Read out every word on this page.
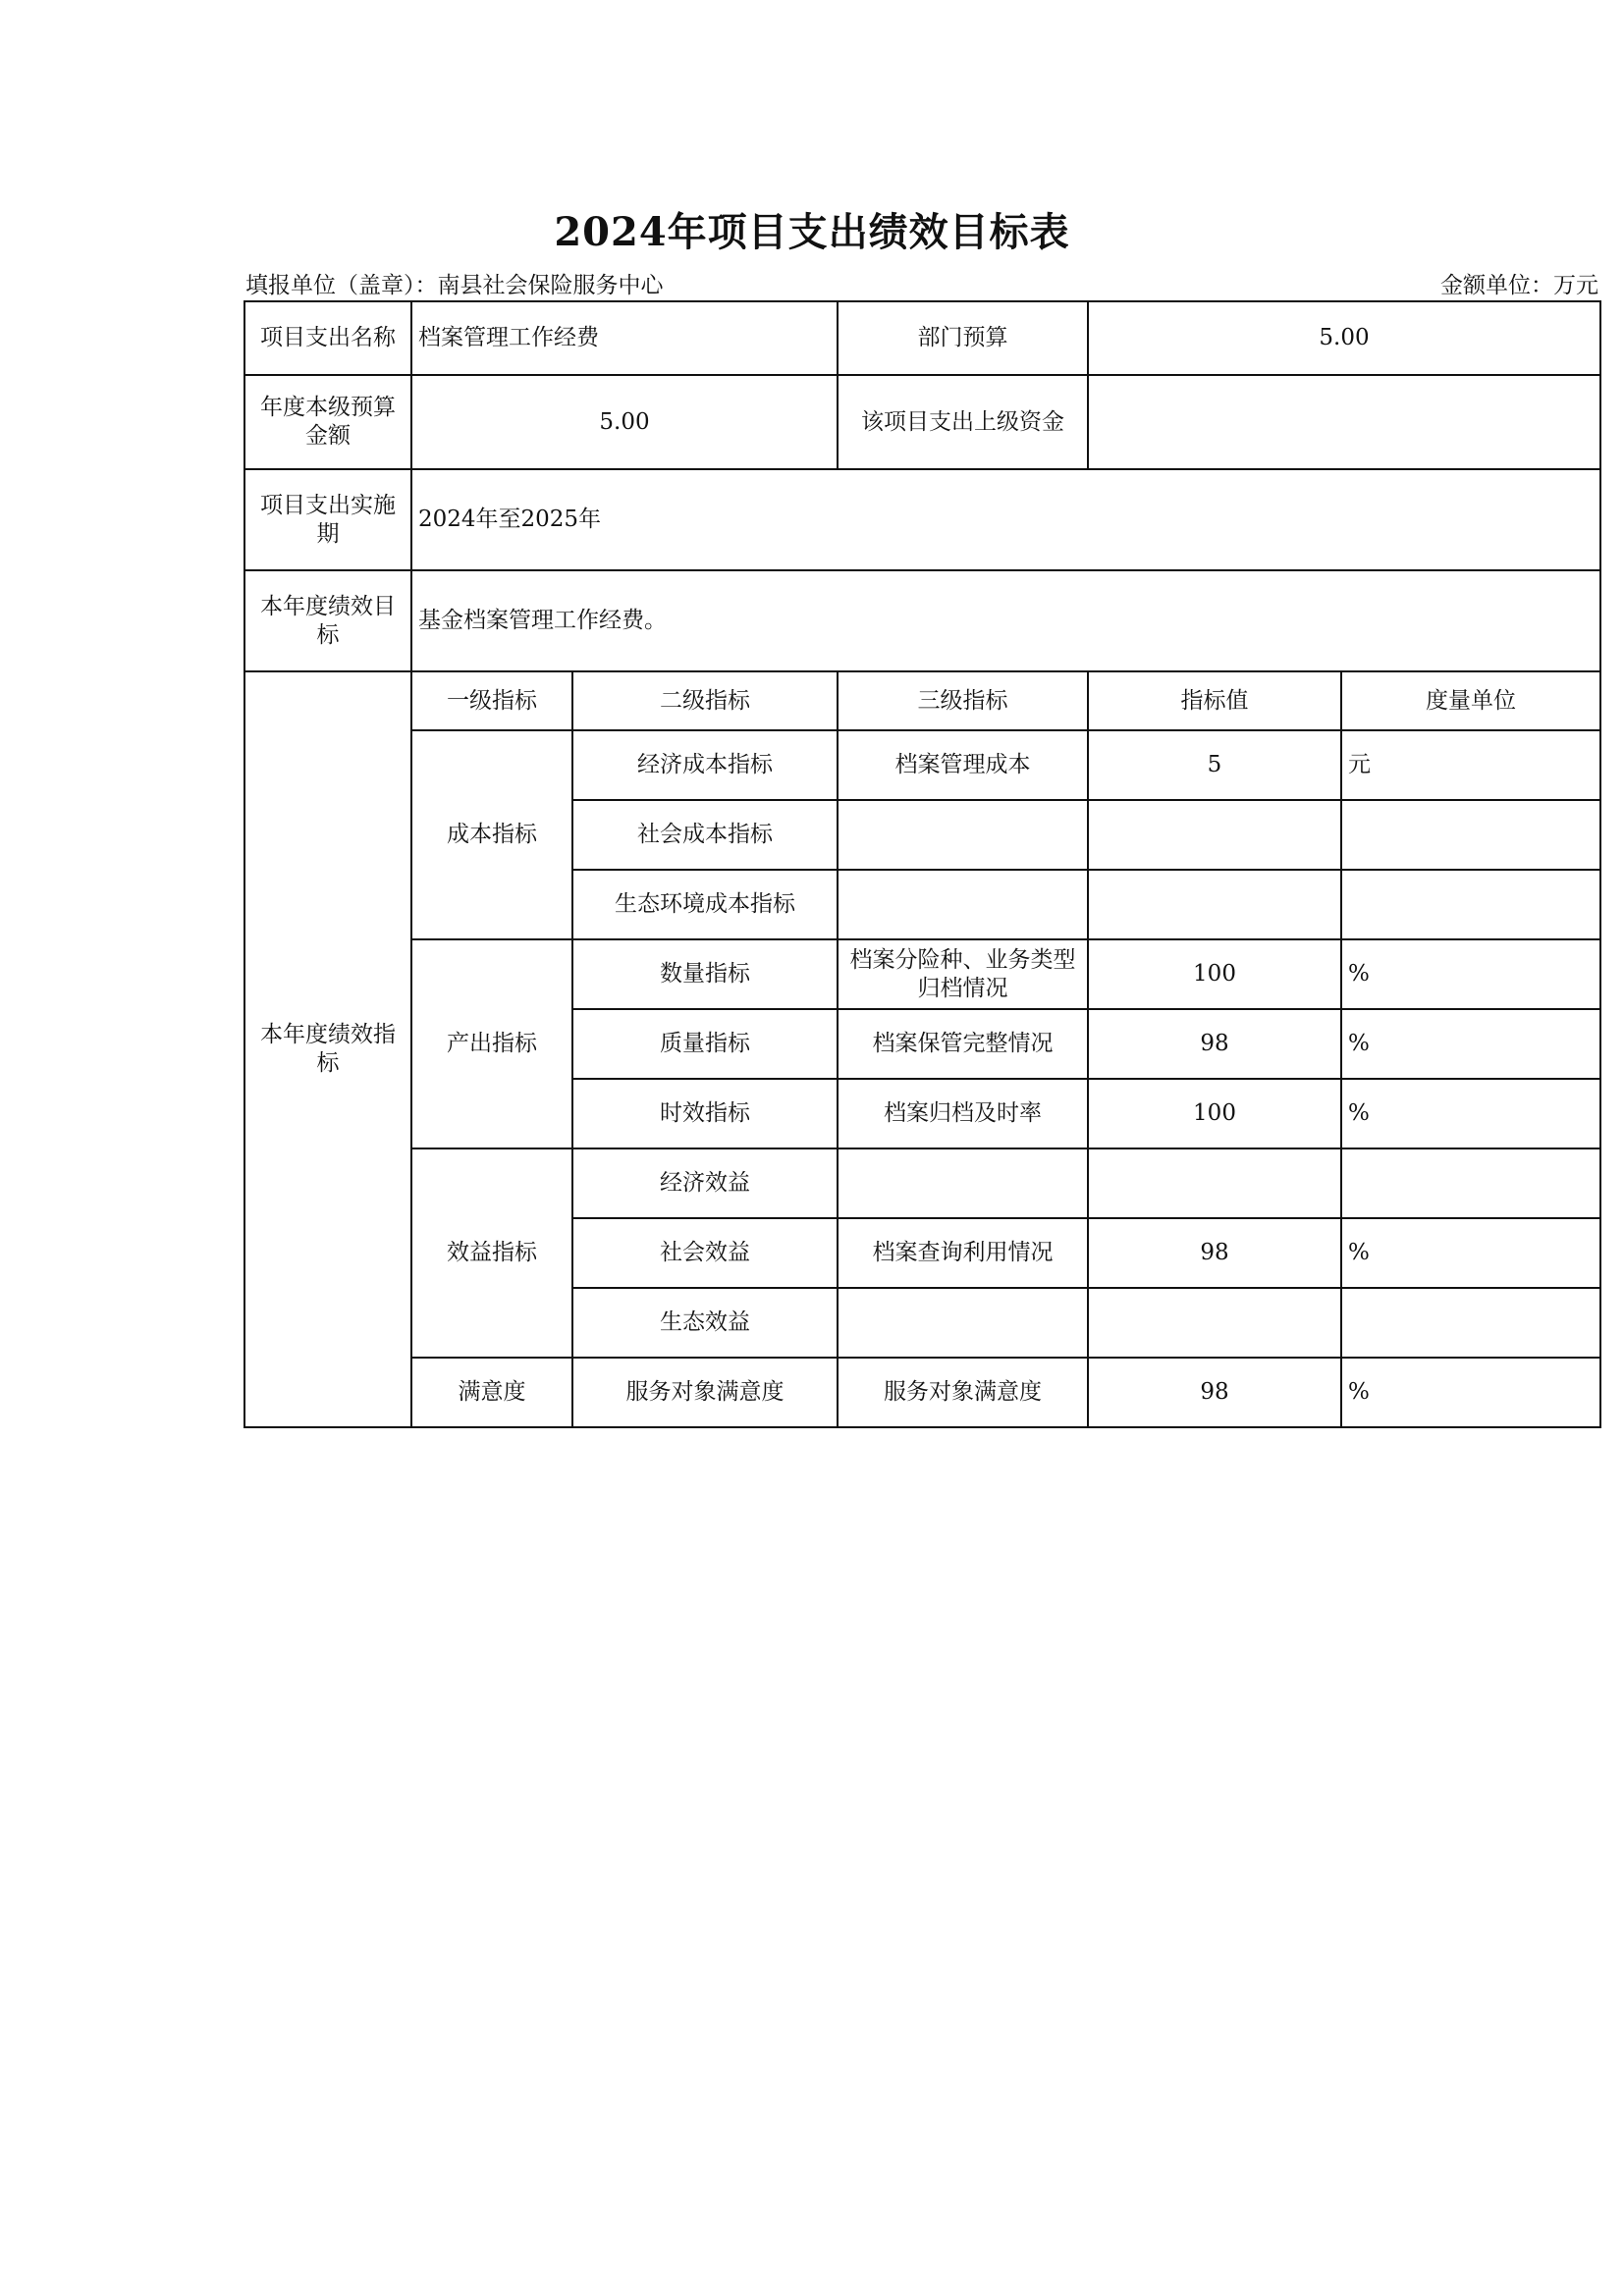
2024年项目支出绩效目标表
填报单位（盖章）：南县社会保险服务中心	金额单位：万元
项目支出名称	档案管理工作经费		部门预算	5.00	
年度本级预算金额	5.00		该项目支出上级资金		
项目支出实施期	2024年至2025年				
本年度绩效目标	基金档案管理工作经费。				
本年度绩效指标	一级指标	二级指标	三级指标	指标值	度量单位
	成本指标	经济成本指标	档案管理成本	5	元
		社会成本指标			
		生态环境成本指标			
	产出指标	数量指标	档案分险种、业务类型归档情况	100	%
		质量指标	档案保管完整情况	98	%
		时效指标	档案归档及时率	100	%
	效益指标	经济效益			
		社会效益	档案查询利用情况	98	%
		生态效益			
	满意度	服务对象满意度	服务对象满意度	98	%
